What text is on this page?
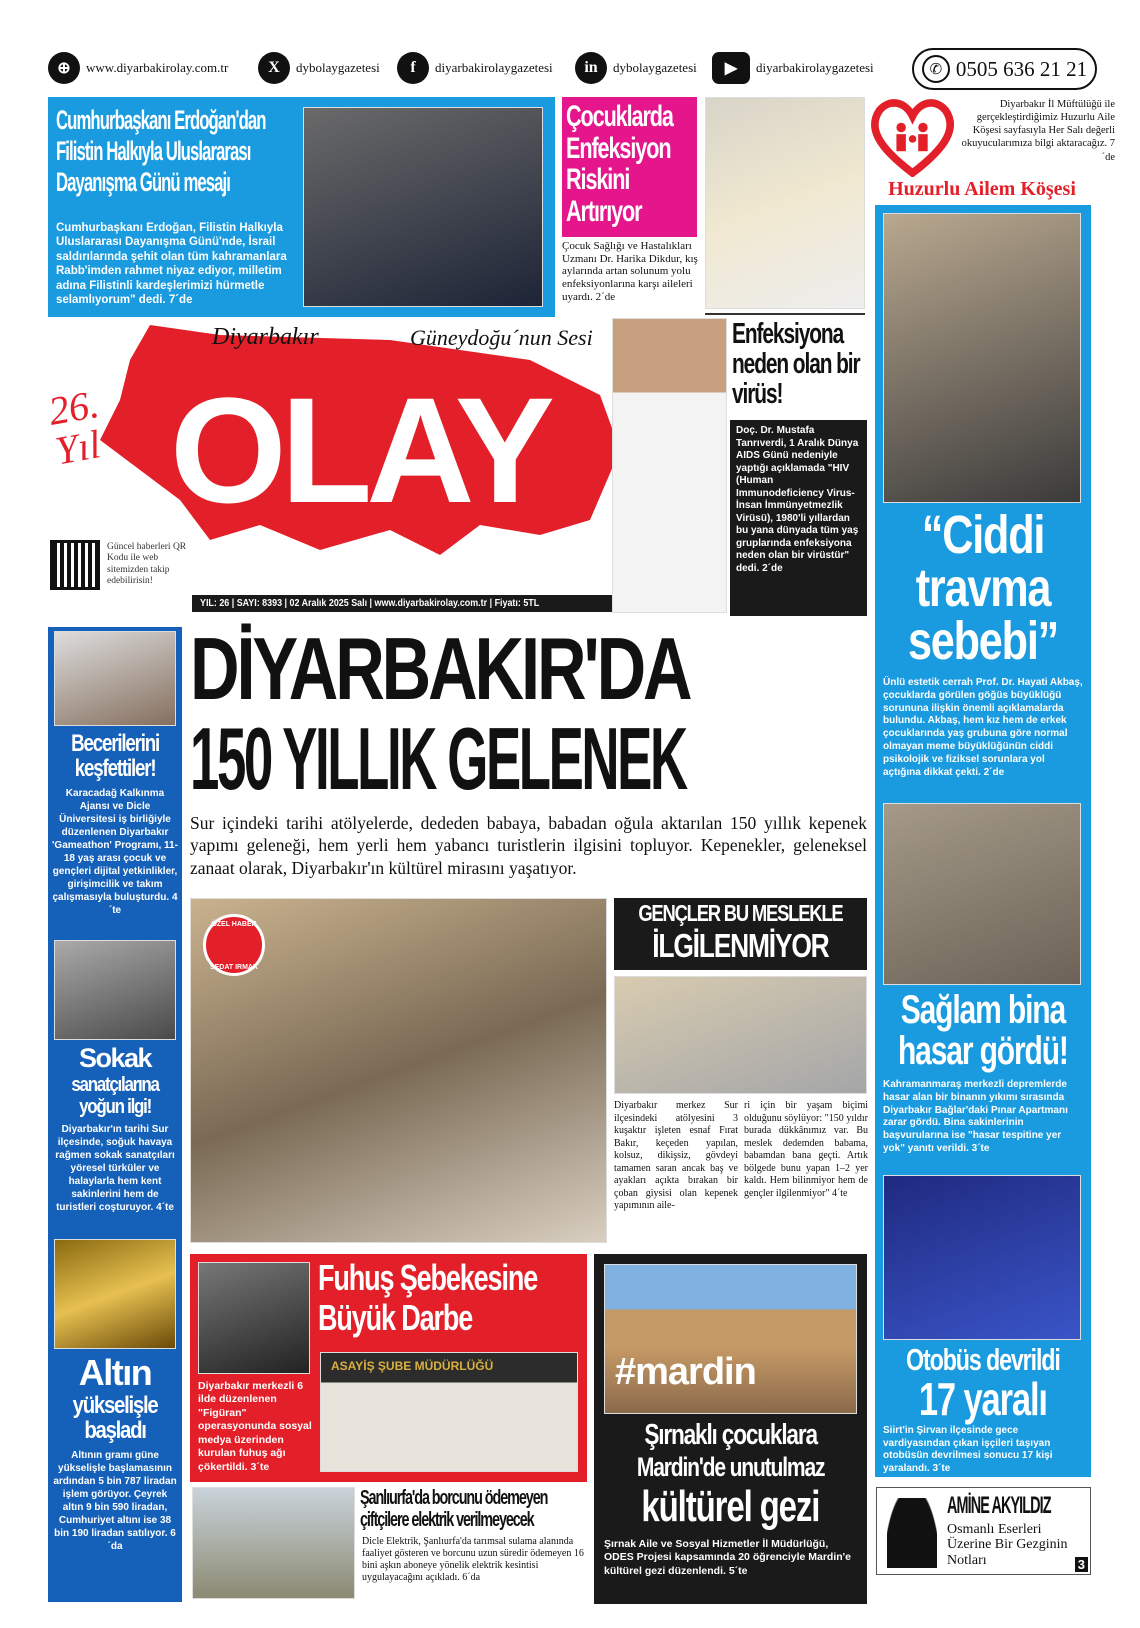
⊕	www.diyarbakirolay.com.tr	X	dybolaygazetesi	f	diyarbakirolaygazetesi	in	dybolaygazetesi	▶	diyarbakirolaygazetesi	✆ 0505 636 21 21
Cumhurbaşkanı Erdoğan'dan Filistin Halkıyla Uluslararası Dayanışma Günü mesajı
Cumhurbaşkanı Erdoğan, Filistin Halkıyla Uluslararası Dayanışma Günü'nde, İsrail saldırılarında şehit olan tüm kahramanlara Rabb'imden rahmet niyaz ediyor, milletim adına Filistinli kardeşlerimizi hürmetle selamlıyorum" dedi. 7´de
Çocuklarda Enfeksiyon Riskini Artırıyor
Çocuk Sağlığı ve Hastalıkları Uzmanı Dr. Harika Dikdur, kış aylarında artan solunum yolu enfeksiyonlarına karşı aileleri uyardı. 2´de
Diyarbakır İl Müftülüğü ile gerçekleştirdiğimiz Huzurlu Aile Köşesi sayfasıyla Her Salı değerli okuyucularımıza bilgi aktaracağız. 7´de
Huzurlu Ailem Köşesi
OLAY
Diyarbakır	Güneydoğu´nun Sesi
26. Yıl
Güncel haberleri QR Kodu ile web sitemizden takip edebilirisin!
YIL: 26 | SAYI: 8393 | 02 Aralık 2025 Salı | www.diyarbakirolay.com.tr | Fiyatı: 5TL
Enfeksiyona neden olan bir virüs!
Doç. Dr. Mustafa Tanrıverdi, 1 Aralık Dünya AIDS Günü nedeniyle yaptığı açıklamada "HIV (Human Immunodeficiency Virus-İnsan İmmünyetmezlik Virüsü), 1980'li yıllardan bu yana dünyada tüm yaş gruplarında enfeksiyona neden olan bir virüstür" dedi. 2´de
“Ciddi travma sebebi”
Ünlü estetik cerrah Prof. Dr. Hayati Akbaş, çocuklarda görülen göğüs büyüklüğü sorununa ilişkin önemli açıklamalarda bulundu. Akbaş, hem kız hem de erkek çocuklarında yaş grubuna göre normal olmayan meme büyüklüğünün ciddi psikolojik ve fiziksel sorunlara yol açtığına dikkat çekti. 2´de
Sağlam bina hasar gördü!
Kahramanmaraş merkezli depremlerde hasar alan bir binanın yıkımı sırasında Diyarbakır Bağlar'daki Pınar Apartmanı zarar gördü. Bina sakinlerinin başvurularına ise "hasar tespitine yer yok" yanıtı verildi. 3´te
Otobüs devrildi
17 yaralı
Siirt'in Şirvan ilçesinde gece vardiyasından çıkan işçileri taşıyan otobüsün devrilmesi sonucu 17 kişi yaralandı. 3´te
AMİNE AKYILDIZ
Osmanlı Eserleri Üzerine Bir Gezginin Notları	3
Becerilerini keşfettiler!
Karacadağ Kalkınma Ajansı ve Dicle Üniversitesi iş birliğiyle düzenlenen Diyarbakır 'Gameathon' Programı, 11-18 yaş arası çocuk ve gençleri dijital yetkinlikler, girişimcilik ve takım çalışmasıyla buluşturdu. 4´te
Sokak
sanatçılarına yoğun ilgi!
Diyarbakır'ın tarihi Sur ilçesinde, soğuk havaya rağmen sokak sanatçıları yöresel türküler ve halaylarla hem kent sakinlerini hem de turistleri coşturuyor. 4´te
Altın
yükselişle başladı
Altının gramı güne yükselişle başlamasının ardından 5 bin 787 liradan işlem görüyor. Çeyrek altın 9 bin 590 liradan, Cumhuriyet altını ise 38 bin 190 liradan satılıyor. 6´da
DİYARBAKIR'DA
150 YILLIK GELENEK
Sur içindeki tarihi atölyelerde, dededen babaya, babadan oğula aktarılan 150 yıllık kepenek yapımı geleneği, hem yerli hem yabancı turistlerin ilgisini topluyor. Kepenekler, geleneksel zanaat olarak, Diyarbakır'ın kültürel mirasını yaşatıyor.
ÖZEL HABER
SEDAT IRMAK
GENÇLER BU MESLEKLE
İLGİLENMİYOR
Diyarbakır merkez Sur ilçesindeki atölyesini 3 kuşaktır işleten esnaf Fırat Bakır, keçeden yapılan, kolsuz, dikişsiz, gövdeyi tamamen saran ancak baş ve ayakları açıkta bırakan bir çoban giysisi olan kepenek yapımının aile-
ri için bir yaşam biçimi olduğunu söylüyor: "150 yıldır burada dükkânımız var. Bu meslek dedemden babama, babamdan bana geçti. Artık bölgede bunu yapan 1–2 yer kaldı. Hem bilinmiyor hem de gençler ilgilenmiyor" 4´te
Fuhuş Şebekesine Büyük Darbe
Diyarbakır merkezli 6 ilde düzenlenen "Figüran" operasyonunda sosyal medya üzerinden kurulan fuhuş ağı çökertildi. 3´te
ASAYİŞ ŞUBE MÜDÜRLÜĞÜ
Şanlıurfa'da borcunu ödemeyen çiftçilere elektrik verilmeyecek
Dicle Elektrik, Şanlıurfa'da tarımsal sulama alanında faaliyet gösteren ve borcunu uzun süredir ödemeyen 16 bini aşkın aboneye yönelik elektrik kesintisi uygulayacağını açıkladı. 6´da
#mardin
Şırnaklı çocuklara
Mardin'de unutulmaz
kültürel gezi
Şırnak Aile ve Sosyal Hizmetler İl Müdürlüğü, ODES Projesi kapsamında 20 öğrenciyle Mardin'e kültürel gezi düzenlendi. 5´te
